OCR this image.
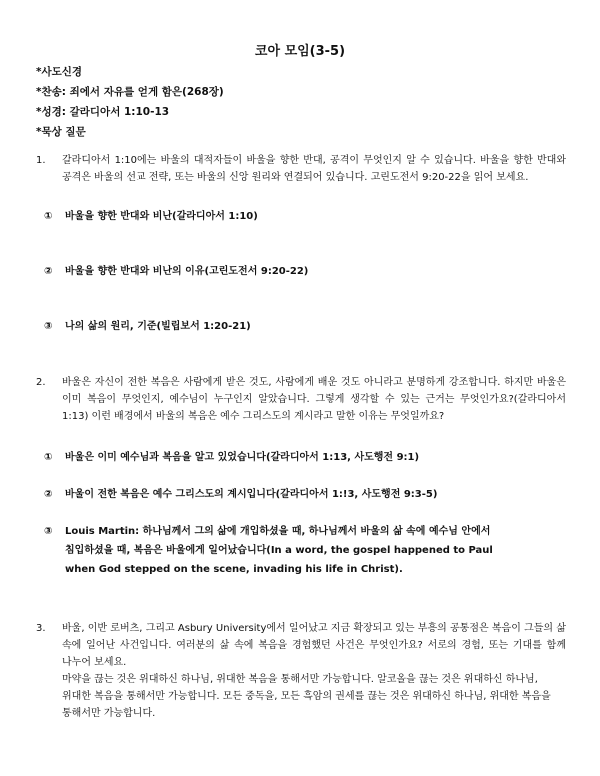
코아 모임(3-5)
*사도신경
*찬송: 죄에서 자유를 얻게 함은(268장)
*성경: 갈라디아서 1:10-13
*묵상 질문
1. 갈라디아서 1:10에는 바울의 대적자들이 바울을 향한 반대, 공격이 무엇인지 알 수 있습니다. 바울을 향한 반대와 공격은 바울의 선교 전략, 또는 바울의 신앙 원리와 연결되어 있습니다. 고린도전서 9:20-22을 읽어 보세요.
① 바울을 향한 반대와 비난(갈라디아서 1:10)
② 바울을 향한 반대와 비난의 이유(고린도전서 9:20-22)
③ 나의 삶의 원리, 기준(빌립보서 1:20-21)
2. 바울은 자신이 전한 복음은 사람에게 받은 것도, 사람에게 배운 것도 아니라고 분명하게 강조합니다. 하지만 바울은 이미 복음이 무엇인지, 예수님이 누구인지 알았습니다. 그렇게 생각할 수 있는 근거는 무엇인가요?(갈라디아서 1:13) 이런 배경에서 바울의 복음은 예수 그리스도의 계시라고 말한 이유는 무엇일까요?
① 바울은 이미 예수님과 복음을 알고 있었습니다(갈라디아서 1:13, 사도행전 9:1)
② 바울이 전한 복음은 예수 그리스도의 계시입니다(갈라디아서 1:!3, 사도행전 9:3-5)
③ Louis Martin: 하나님께서 그의 삶에 개입하셨을 때, 하나님께서 바울의 삶 속에 예수님 안에서 침입하셨을 때, 복음은 바울에게 일어났습니다(In a word, the gospel happened to Paul when God stepped on the scene, invading his life in Christ).
3. 바울, 이반 로버츠, 그리고 Asbury University에서 일어났고 지금 확장되고 있는 부흥의 공통점은 복음이 그들의 삶 속에 일어난 사건입니다. 여러분의 삶 속에 복음을 경험했던 사건은 무엇인가요? 서로의 경험, 또는 기대를 함께 나누어 보세요.
마약을 끊는 것은 위대하신 하나님, 위대한 복음을 통해서만 가능합니다. 알코올을 끊는 것은 위대하신 하나님, 위대한 복음을 통해서만 가능합니다. 모든 중독을, 모든 흑암의 권세를 끊는 것은 위대하신 하나님, 위대한 복음을 통해서만 가능합니다.
